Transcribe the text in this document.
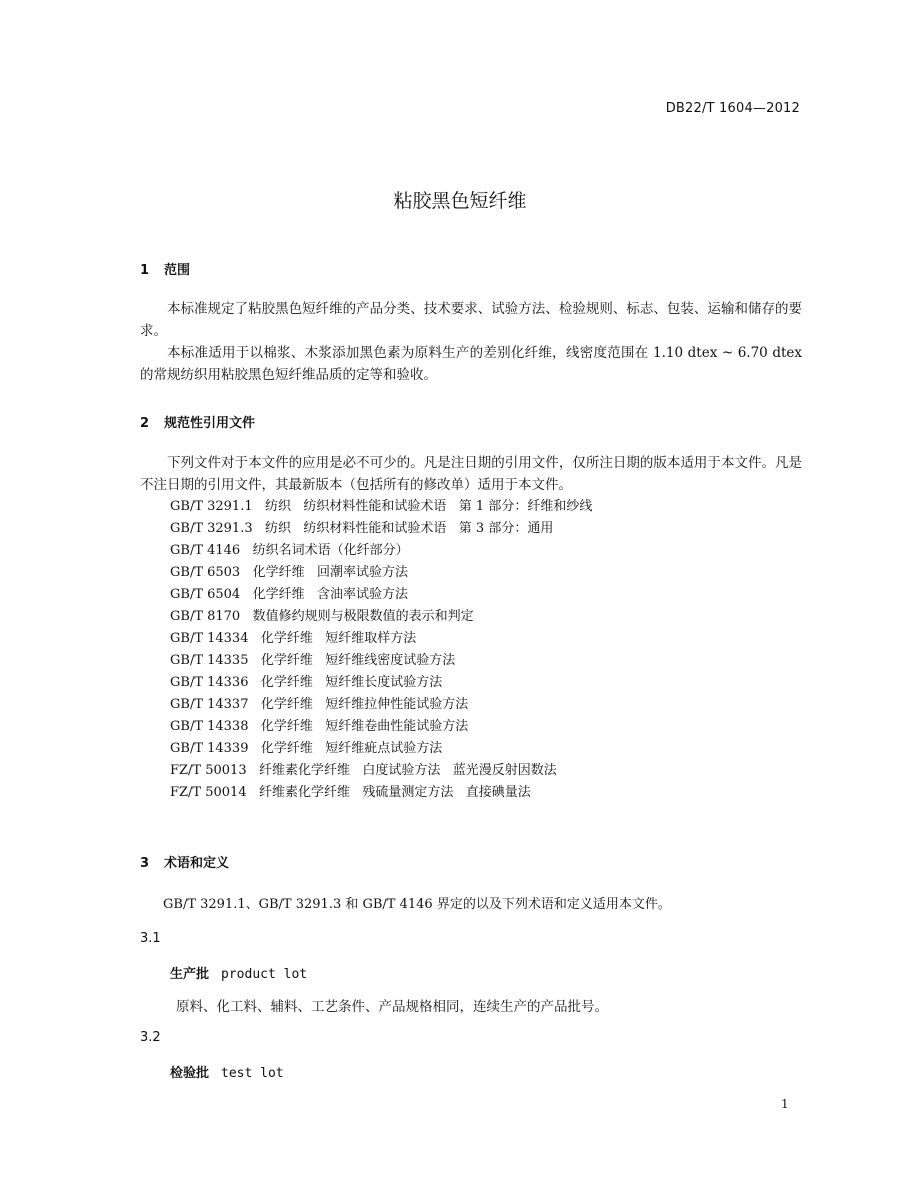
DB22/T 1604—2012
粘胶黑色短纤维
1 范围
本标准规定了粘胶黑色短纤维的产品分类、技术要求、试验方法、检验规则、标志、包装、运输和储存的要求。
本标准适用于以棉浆、木浆添加黑色素为原料生产的差别化纤维，线密度范围在 1.10 dtex ~ 6.70 dtex 的常规纺织用粘胶黑色短纤维品质的定等和验收。
2 规范性引用文件
下列文件对于本文件的应用是必不可少的。凡是注日期的引用文件，仅所注日期的版本适用于本文件。凡是不注日期的引用文件，其最新版本（包括所有的修改单）适用于本文件。
GB/T 3291.1   纺织   纺织材料性能和试验术语   第 1 部分：纤维和纱线
GB/T 3291.3   纺织   纺织材料性能和试验术语   第 3 部分：通用
GB/T 4146   纺织名词术语（化纤部分）
GB/T 6503   化学纤维   回潮率试验方法
GB/T 6504   化学纤维   含油率试验方法
GB/T 8170   数值修约规则与极限数值的表示和判定
GB/T 14334   化学纤维   短纤维取样方法
GB/T 14335   化学纤维   短纤维线密度试验方法
GB/T 14336   化学纤维   短纤维长度试验方法
GB/T 14337   化学纤维   短纤维拉伸性能试验方法
GB/T 14338   化学纤维   短纤维卷曲性能试验方法
GB/T 14339   化学纤维   短纤维疵点试验方法
FZ/T 50013   纤维素化学纤维   白度试验方法   蓝光漫反射因数法
FZ/T 50014   纤维素化学纤维   残硫量测定方法   直接碘量法
3 术语和定义
GB/T 3291.1、GB/T 3291.3 和 GB/T 4146 界定的以及下列术语和定义适用本文件。
3.1
生产批 product lot
原料、化工料、辅料、工艺条件、产品规格相同，连续生产的产品批号。
3.2
检验批 test lot
1
